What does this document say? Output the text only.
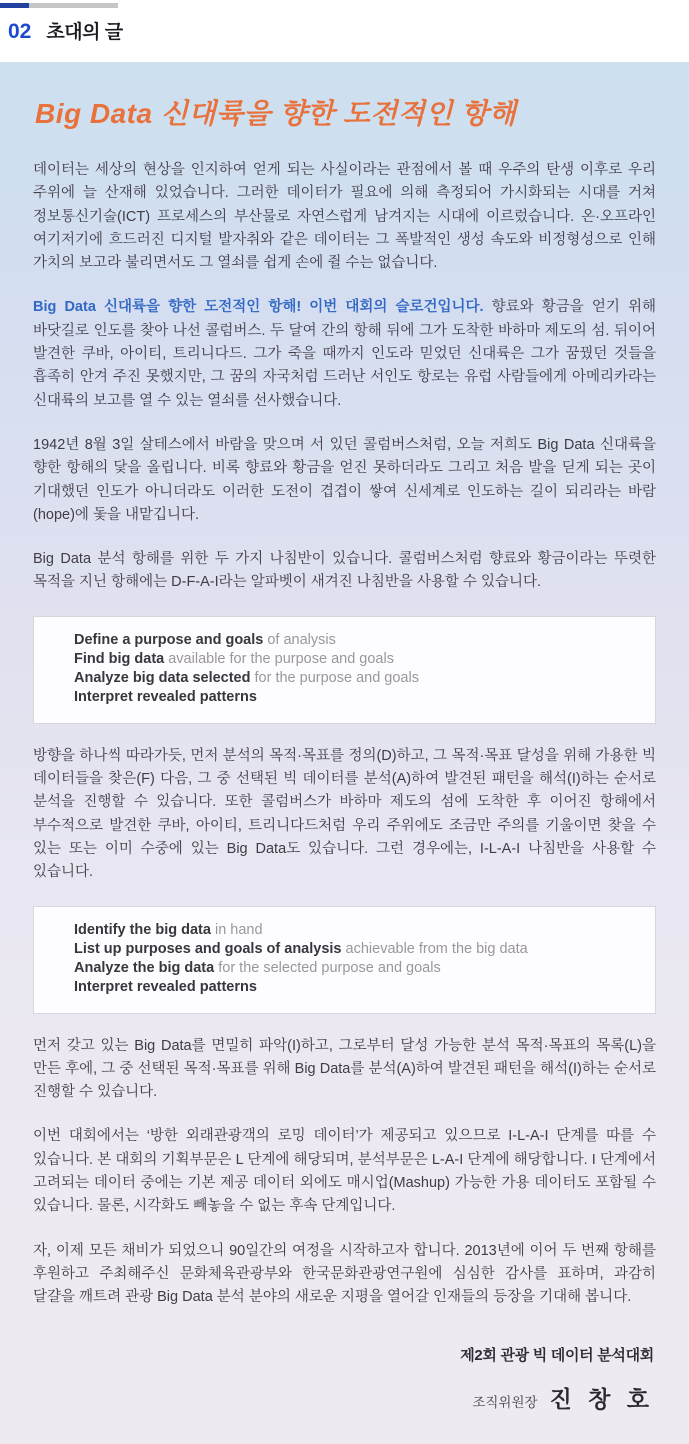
02 초대의 글
Big Data 신대륙을 향한 도전적인 항해

데이터는 세상의 현상을 인지하여 얻게 되는 사실이라는 관점에서 볼 때 우주의 탄생 이후로 우리 주위에 늘 산재해 있었습니다. 그러한 데이터가 필요에 의해 측정되어 가시화되는 시대를 거쳐 정보통신기술(ICT) 프로세스의 부산물로 자연스럽게 남겨지는 시대에 이르렀습니다. 온·오프라인 여기저기에 흐드러진 디지털 발자취와 같은 데이터는 그 폭발적인 생성 속도와 비정형성으로 인해 가치의 보고라 불리면서도 그 열쇠를 쉽게 손에 쥘 수는 없습니다.

Big Data 신대륙을 향한 도전적인 항해! 이번 대회의 슬로건입니다. 향료와 황금을 얻기 위해 바닷길로 인도를 찾아 나선 콜럼버스. 두 달여 간의 항해 뒤에 그가 도착한 바하마 제도의 섬. 뒤이어 발견한 쿠바, 아이티, 트리니다드. 그가 죽을 때까지 인도라 믿었던 신대륙은 그가 꿈꿨던 것들을 흡족히 안겨 주진 못했지만, 그 꿈의 자국처럼 드러난 서인도 항로는 유럽 사람들에게 아메리카라는 신대륙의 보고를 열 수 있는 열쇠를 선사했습니다.

1942년 8월 3일 살테스에서 바람을 맞으며 서 있던 콜럼버스처럼, 오늘 저희도 Big Data 신대륙을 향한 항해의 닻을 올립니다. 비록 향료와 황금을 얻진 못하더라도 그리고 처음 발을 딛게 되는 곳이 기대했던 인도가 아니더라도 이러한 도전이 겹겹이 쌓여 신세계로 인도하는 길이 되리라는 바람(hope)에 돛을 내맡깁니다.

Big Data 분석 항해를 위한 두 가지 나침반이 있습니다. 콜럼버스처럼 향료와 황금이라는 뚜렷한 목적을 지닌 항해에는 D-F-A-I라는 알파벳이 새겨진 나침반을 사용할 수 있습니다.

Define a purpose and goals of analysis
Find big data available for the purpose and goals
Analyze big data selected for the purpose and goals
Interpret revealed patterns

방향을 하나씩 따라가듯, 먼저 분석의 목적·목표를 정의(D)하고, 그 목적·목표 달성을 위해 가용한 빅 데이터들을 찾은(F) 다음, 그 중 선택된 빅 데이터를 분석(A)하여 발견된 패턴을 해석(I)하는 순서로 분석을 진행할 수 있습니다. 또한 콜럼버스가 바하마 제도의 섬에 도착한 후 이어진 항해에서 부수적으로 발견한 쿠바, 아이티, 트리니다드처럼 우리 주위에도 조금만 주의를 기울이면 찾을 수 있는 또는 이미 수중에 있는 Big Data도 있습니다. 그런 경우에는, I-L-A-I 나침반을 사용할 수 있습니다.

Identify the big data in hand
List up purposes and goals of analysis achievable from the big data
Analyze the big data for the selected purpose and goals
Interpret revealed patterns

먼저 갖고 있는 Big Data를 면밀히 파악(I)하고, 그로부터 달성 가능한 분석 목적·목표의 목록(L)을 만든 후에, 그 중 선택된 목적·목표를 위해 Big Data를 분석(A)하여 발견된 패턴을 해석(I)하는 순서로 진행할 수 있습니다.

이번 대회에서는 ‘방한 외래관광객의 로밍 데이터’가 제공되고 있으므로 I-L-A-I 단계를 따를 수 있습니다. 본 대회의 기획부문은 L 단계에 해당되며, 분석부문은 L-A-I 단계에 해당합니다. I 단계에서 고려되는 데이터 중에는 기본 제공 데이터 외에도 매시업(Mashup) 가능한 가용 데이터도 포함될 수 있습니다. 물론, 시각화도 빼놓을 수 없는 후속 단계입니다.

자, 이제 모든 채비가 되었으니 90일간의 여정을 시작하고자 합니다. 2013년에 이어 두 번째 항해를 후원하고 주최해주신 문화체육관광부와 한국문화관광연구원에 심심한 감사를 표하며, 과감히 달걀을 깨트려 관광 Big Data 분석 분야의 새로운 지평을 열어갈 인재들의 등장을 기대해 봅니다.

제2회 관광 빅 데이터 분석대회
조직위원장 진 창 호
